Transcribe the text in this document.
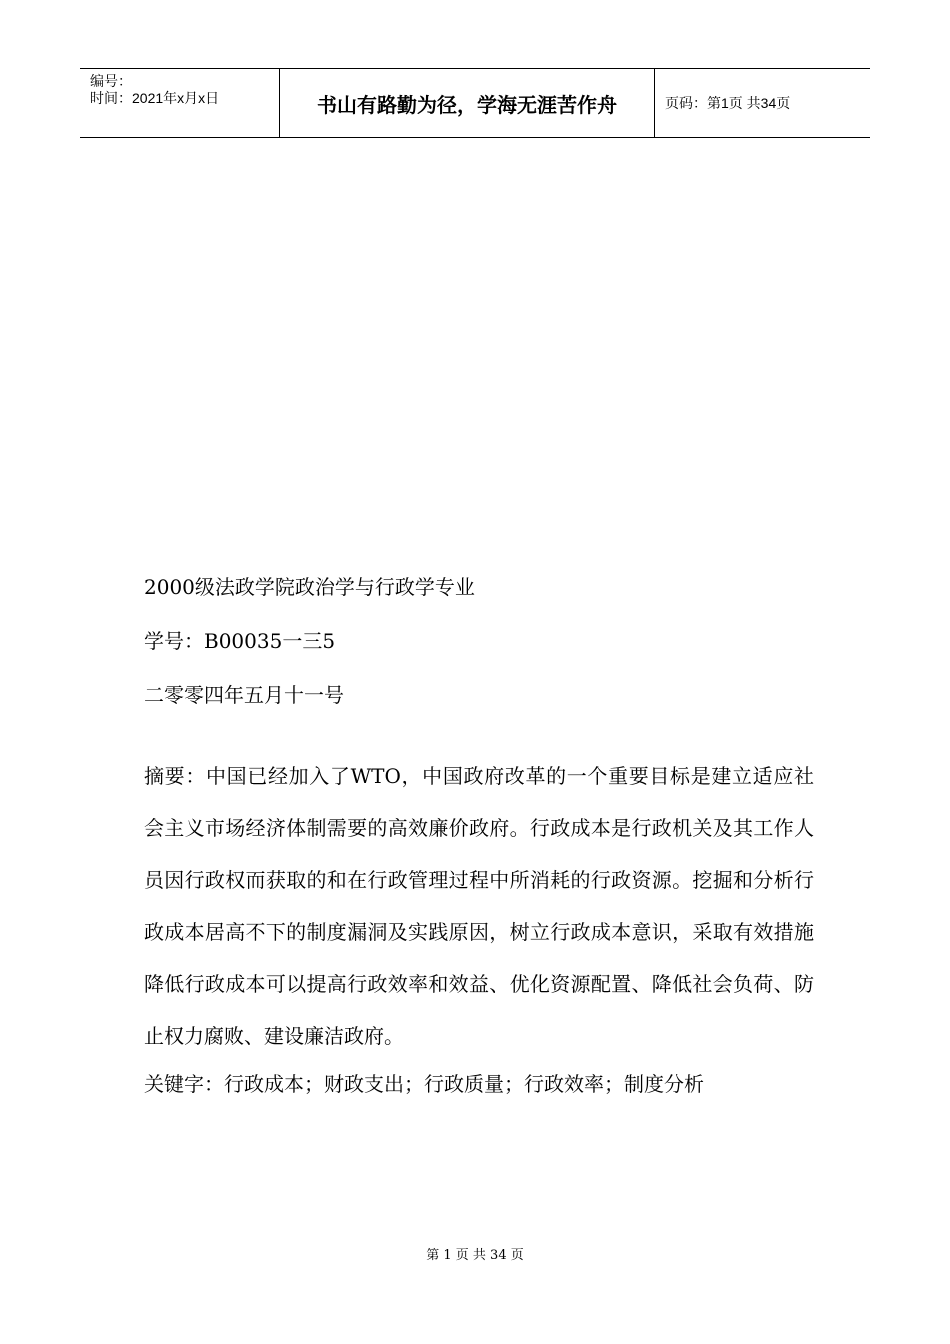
编号：
时间：2021年x月x日	书山有路勤为径，学海无涯苦作舟	页码：第1页 共34页

2000级法政学院政治学与行政学专业

学号：B00035一三5

二零零四年五月十一号

摘要：中国已经加入了WTO，中国政府改革的一个重要目标是建立适应社会主义市场经济体制需要的高效廉价政府。行政成本是行政机关及其工作人员因行政权而获取的和在行政管理过程中所消耗的行政资源。挖掘和分析行政成本居高不下的制度漏洞及实践原因，树立行政成本意识，采取有效措施降低行政成本可以提高行政效率和效益、优化资源配置、降低社会负荷、防止权力腐败、建设廉洁政府。

关键字：行政成本；财政支出；行政质量；行政效率；制度分析

第 1 页 共 34 页
